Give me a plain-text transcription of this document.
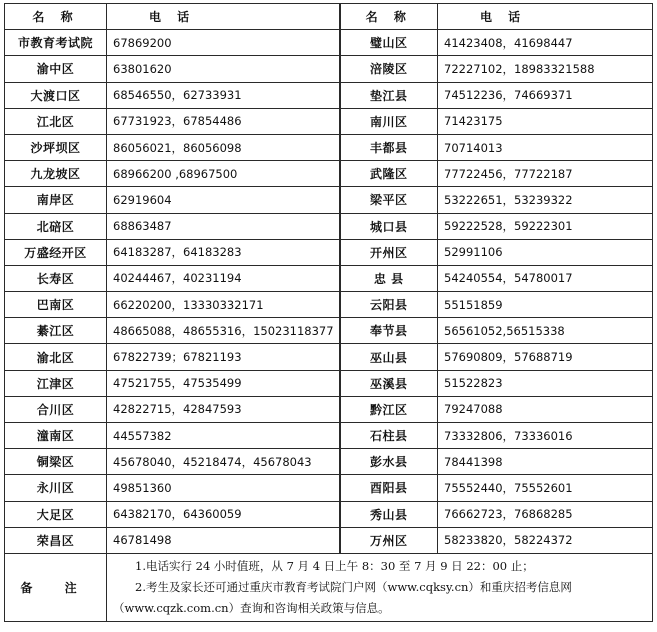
名 称	电 话	名 称	电 话
市教育考试院	67869200	璧山区	41423408，41698447
渝中区	63801620	涪陵区	72227102，18983321588
大渡口区	68546550，62733931	垫江县	74512236，74669371
江北区	67731923，67854486	南川区	71423175
沙坪坝区	86056021，86056098	丰都县	70714013
九龙坡区	68966200 ,68967500	武隆区	77722456，77722187
南岸区	62919604	梁平区	53222651，53239322
北碚区	68863487	城口县	59222528，59222301
万盛经开区	64183287，64183283	开州区	52991106
长寿区	40244467，40231194	忠 县	54240554，54780017
巴南区	66220200，13330332171	云阳县	55151859
綦江区	48665088，48655316，15023118377	奉节县	56561052,56515338
渝北区	67822739；67821193	巫山县	57690809，57688719
江津区	47521755，47535499	巫溪县	51522823
合川区	42822715，42847593	黔江区	79247088
潼南区	44557382	石柱县	73332806，73336016
铜梁区	45678040，45218474，45678043	彭水县	78441398
永川区	49851360	酉阳县	75552440，75552601
大足区	64382170，64360059	秀山县	76662723，76868285
荣昌区	46781498	万州区	58233820，58224372
备 注	1.电话实行 24 小时值班，从 7 月 4 日上午 8：30 至 7 月 9 日 22：00 止；
2.考生及家长还可通过重庆市教育考试院门户网（www.cqksy.cn）和重庆招考信息网（www.cqzk.com.cn）查询和咨询相关政策与信息。		
